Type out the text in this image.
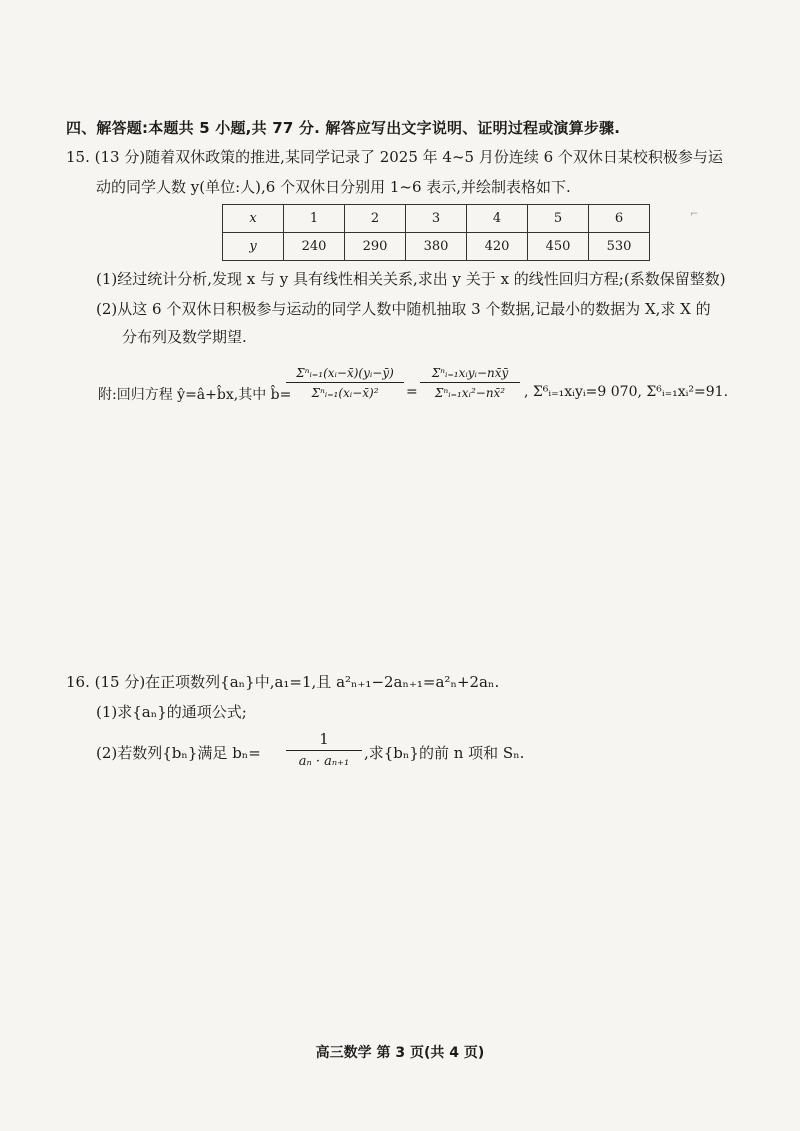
四、解答题:本题共 5 小题,共 77 分. 解答应写出文字说明、证明过程或演算步骤.
15. (13 分)随着双休政策的推进,某同学记录了 2025 年 4~5 月份连续 6 个双休日某校积极参与运
动的同学人数 y(单位:人),6 个双休日分别用 1~6 表示,并绘制表格如下.
x	1	2	3	4	5	6
y	240	290	380	420	450	530
⌐
(1)经过统计分析,发现 x 与 y 具有线性相关关系,求出 y 关于 x 的线性回归方程;(系数保留整数)
(2)从这 6 个双休日积极参与运动的同学人数中随机抽取 3 个数据,记最小的数据为 X,求 X 的
分布列及数学期望.
附:回归方程 ŷ=â+b̂x,其中 b̂=
Σⁿᵢ₌₁(xᵢ−x̄)(yᵢ−ȳ)
Σⁿᵢ₌₁(xᵢ−x̄)²	=
Σⁿᵢ₌₁xᵢyᵢ−nx̄ȳ
Σⁿᵢ₌₁xᵢ²−nx̄²	, Σ⁶ᵢ₌₁xᵢyᵢ=9 070, Σ⁶ᵢ₌₁xᵢ²=91.
16. (15 分)在正项数列{aₙ}中,a₁=1,且 a²ₙ₊₁−2aₙ₊₁=a²ₙ+2aₙ.
(1)求{aₙ}的通项公式;
(2)若数列{bₙ}满足 bₙ=
1
aₙ · aₙ₊₁ ,求{bₙ}的前 n 项和 Sₙ.
高三数学 第 3 页(共 4 页)
